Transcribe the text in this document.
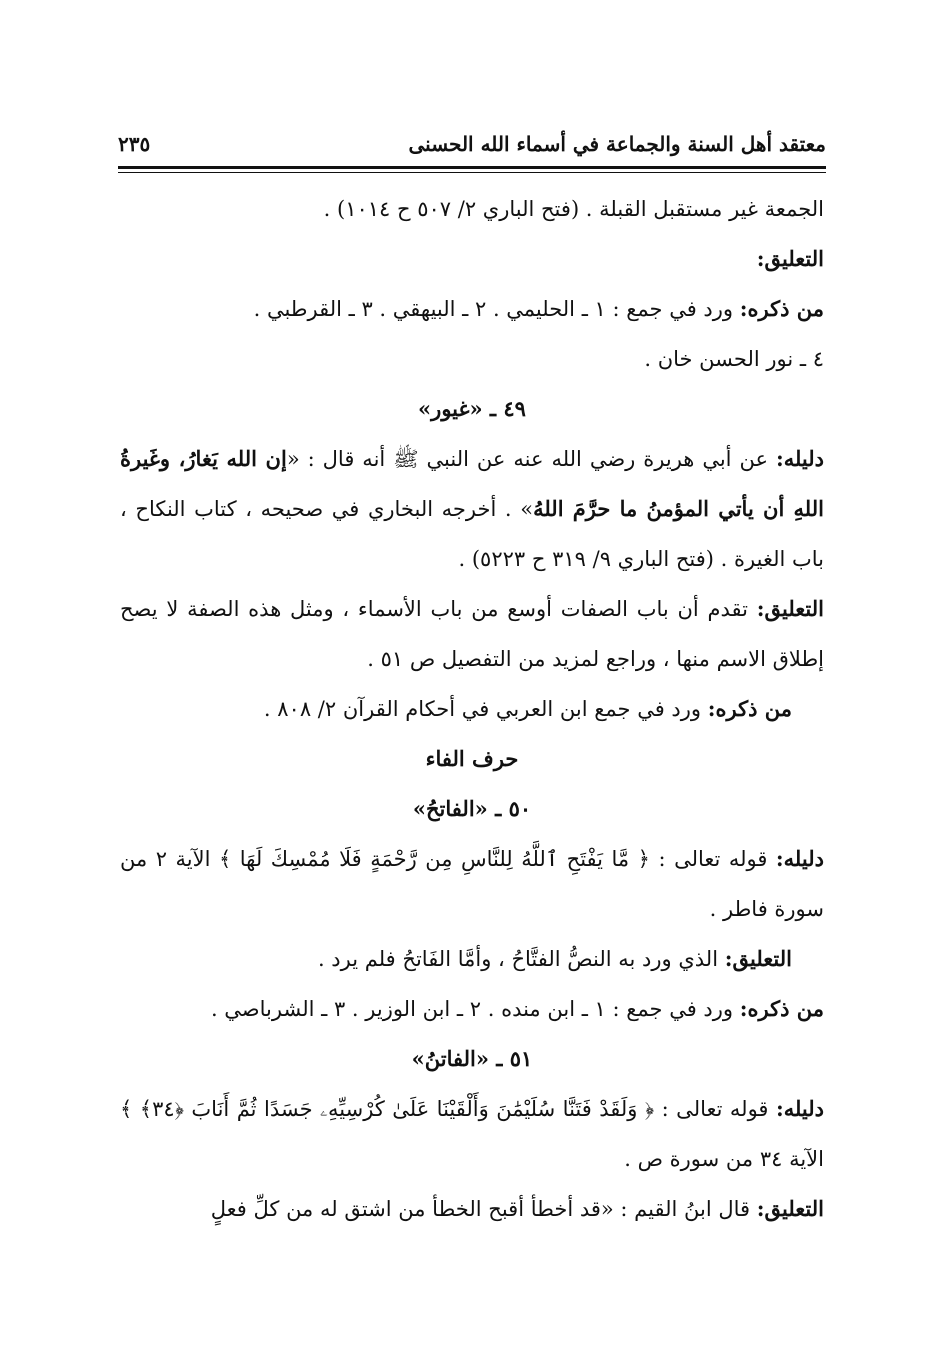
٢٣٥	معتقد أهل السنة والجماعة في أسماء الله الحسنى

الجمعة غير مستقبل القبلة . (فتح الباري ٢/ ٥٠٧ ح ١٠١٤) .

التعليق:

من ذكره: ورد في جمع : ١ ـ الحليمي . ٢ ـ البيهقي . ٣ ـ القرطبي .

٤ ـ نور الحسن خان .

٤٩ ـ «غيور»

دليله: عن أبي هريرة رضي الله عنه عن النبي ﷺ أنه قال : «إن الله يَغارُ، وغَيرةُ اللهِ أن يأتي المؤمنُ ما حرَّمَ اللهُ» . أخرجه البخاري في صحيحه ، كتاب النكاح ، باب الغيرة . (فتح الباري ٩/ ٣١٩ ح ٥٢٢٣) .

التعليق: تقدم أن باب الصفات أوسع من باب الأسماء ، ومثل هذه الصفة لا يصح إطلاق الاسم منها ، وراجع لمزيد من التفصيل ص ٥١ .

من ذكره: ورد في جمع ابن العربي في أحكام القرآن ٢/ ٨٠٨ .

حرف الفاء

٥٠ ـ «الفاتحُ»

دليله: قوله تعالى : ﴿ مَّا يَفْتَحِ ٱللَّهُ لِلنَّاسِ مِن رَّحْمَةٍ فَلَا مُمْسِكَ لَهَا ﴾ الآية ٢ من سورة فاطر .

التعليق: الذي ورد به النصُّ الفتَّاحُ ، وأمَّا الفَاتحُ فلم يرد .

من ذكره: ورد في جمع : ١ ـ ابن منده . ٢ ـ ابن الوزير . ٣ ـ الشرباصي .

٥١ ـ «الفاتنُ»

دليله: قوله تعالى : ﴿ وَلَقَدْ فَتَنَّا سُلَيْمَٰنَ وَأَلْقَيْنَا عَلَىٰ كُرْسِيِّهِۦ جَسَدًا ثُمَّ أَنَابَ ﴿٣٤﴾ ﴾ الآية ٣٤ من سورة ص .

التعليق: قال ابنُ القيم : «قد أخطأ أقبح الخطأ من اشتق له من كلِّ فعلٍ
